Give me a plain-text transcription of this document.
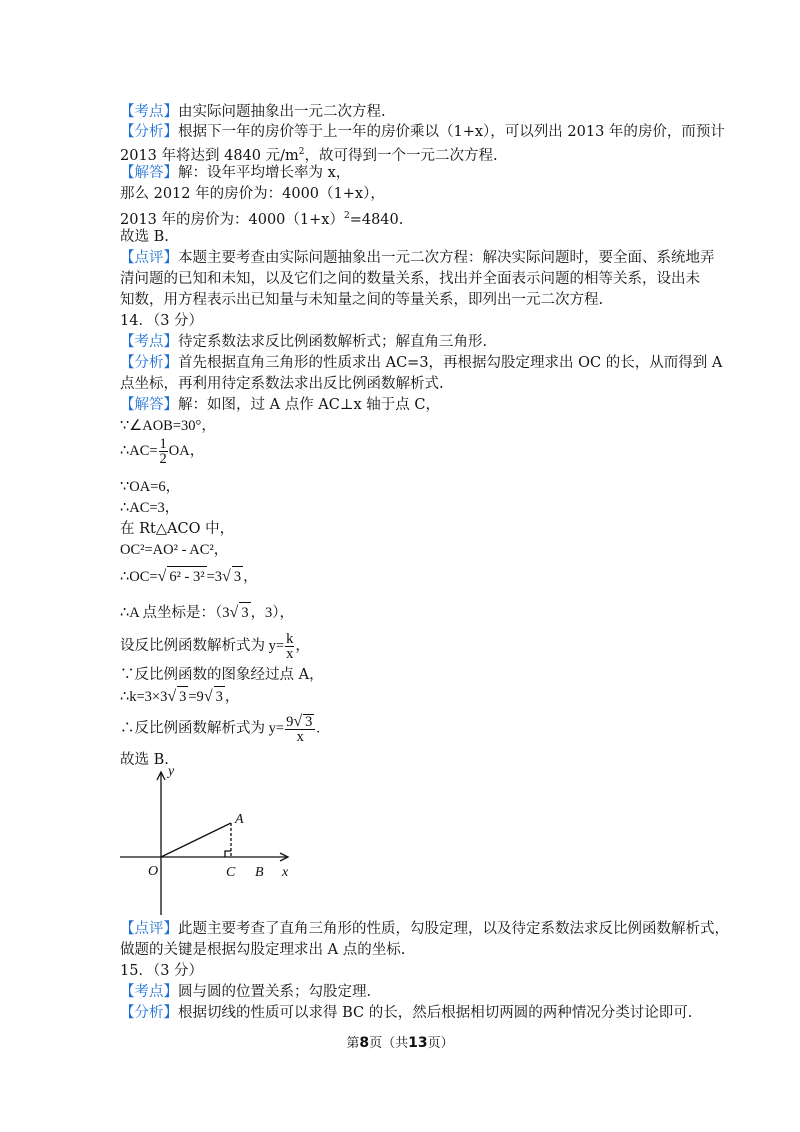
【考点】由实际问题抽象出一元二次方程.
【分析】根据下一年的房价等于上一年的房价乘以（1+x），可以列出 2013 年的房价，而预计
2013 年将达到 4840 元$/m^2$，故可得到一个一元二次方程.
【解答】解：设年平均增长率为 x，
那么 2012 年的房价为：4000（1+x），
2013 年的房价为：$4000(1+x)^2=4840$.
故选 B.
【点评】本题主要考查由实际问题抽象出一元二次方程：解决实际问题时，要全面、系统地弄
清问题的已知和未知，以及它们之间的数量关系，找出并全面表示问题的相等关系，设出未
知数，用方程表示出已知量与未知量之间的等量关系，即列出一元二次方程.
14．（3 分）
【考点】待定系数法求反比例函数解析式；解直角三角形.
【分析】首先根据直角三角形的性质求出 AC=3，再根据勾股定理求出 OC 的长，从而得到 A
点坐标，再利用待定系数法求出反比例函数解析式.
【解答】解：如图，过 A 点作 AC⊥x 轴于点 C，
∵∠AOB=30°，
∴AC= $\frac{1}{2}$ OA，
∵OA=6，
∴AC=3，
在 Rt△ACO 中，
OC²=AO² - AC²，
∴OC=√ 6² - 3² =3√ 3 ，
∴A 点坐标是：（3√ 3 ，3），
设反比例函数解析式为 $y= \frac{k}{x}$ ，
∵反比例函数的图象经过点 A，
∴k=3×3√ 3 =9√ 3 ，
∴反比例函数解析式为 $y= \frac{9√ 3}{x}$ .
故选 B.
y
A
O	C B x
【点评】此题主要考查了直角三角形的性质，勾股定理，以及待定系数法求反比例函数解析式，
做题的关键是根据勾股定理求出 A 点的坐标.
15．（3 分）
【考点】圆与圆的位置关系；勾股定理.
【分析】根据切线的性质可以求得 BC 的长，然后根据相切两圆的两种情况分类讨论即可.
第8页（共13页）
